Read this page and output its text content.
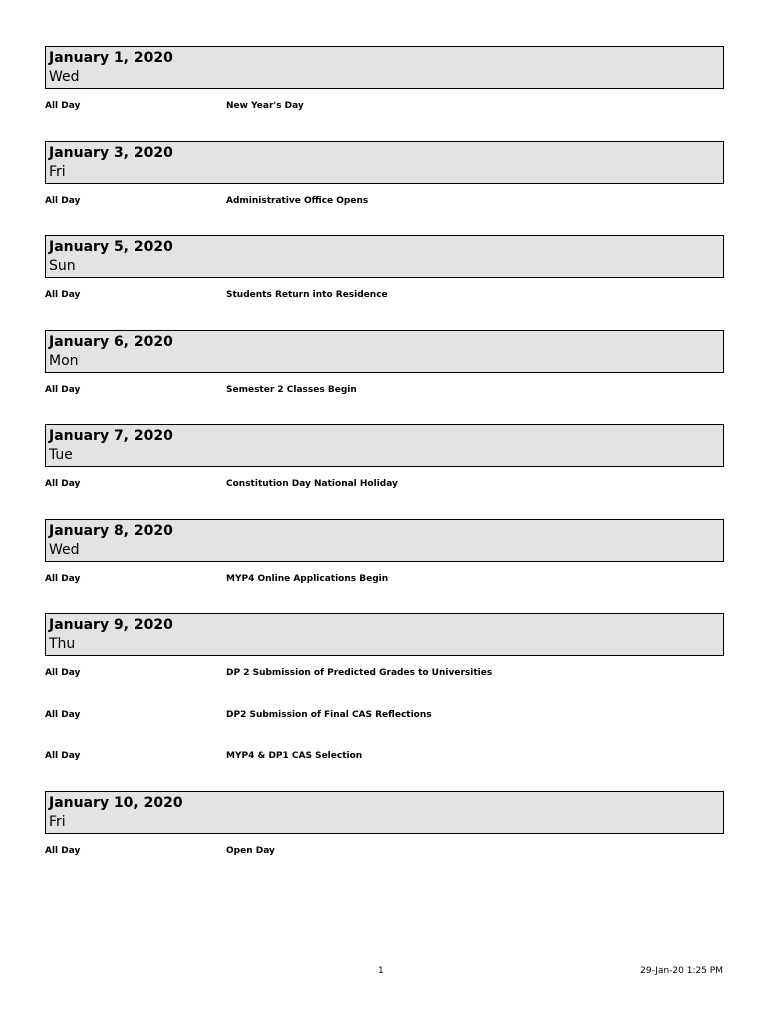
January 1, 2020
Wed
All Day	New Year's Day
January 3, 2020
Fri
All Day	Administrative Office Opens
January 5, 2020
Sun
All Day	Students Return into Residence
January 6, 2020
Mon
All Day	Semester 2 Classes Begin
January 7, 2020
Tue
All Day	Constitution Day National Holiday
January 8, 2020
Wed
All Day	MYP4 Online Applications Begin
January 9, 2020
Thu
All Day	DP 2 Submission of Predicted Grades to Universities
All Day	DP2 Submission of Final CAS Reflections
All Day	MYP4 & DP1 CAS Selection
January 10, 2020
Fri
All Day	Open Day
1	29-Jan-20 1:25 PM
